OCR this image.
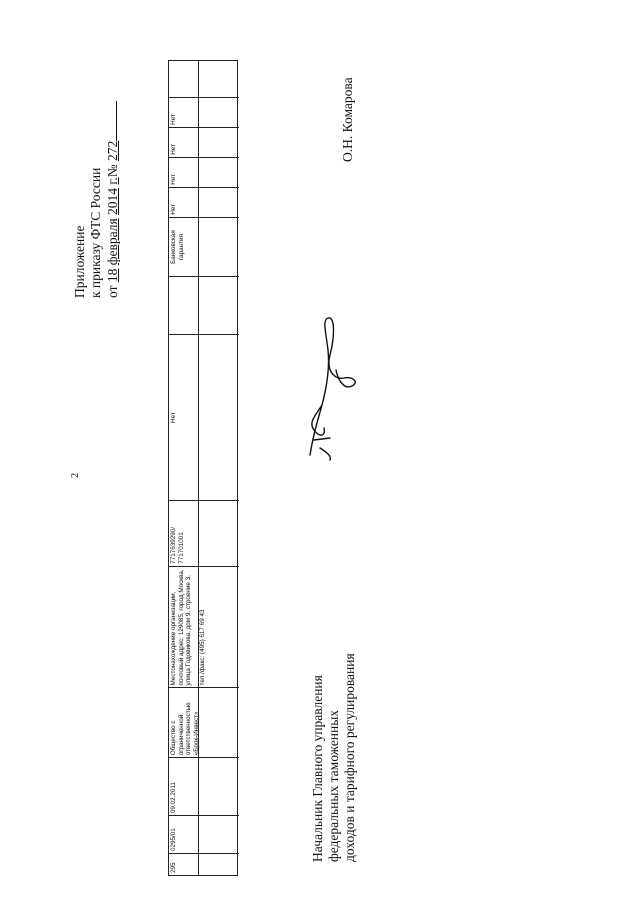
2
Приложение к приказу ФТС России от 18 февраля 2014 г.№ 272
295
0295/01
09.02.2011
Общество с ограниченной ответственностью «Брок-Инвест»
Местонахождение организации, почтовый адрес: 129085, город Москва, улица Годовикова, дом 9, строение 3, тел./факс: (495) 617 69 43
7717639290/ 771701001
Нет
Банковская гарантия
Нет
Нет
Нет
Нет
Начальник Главного управления федеральных таможенных доходов и тарифного регулирования
О.Н. Комарова
